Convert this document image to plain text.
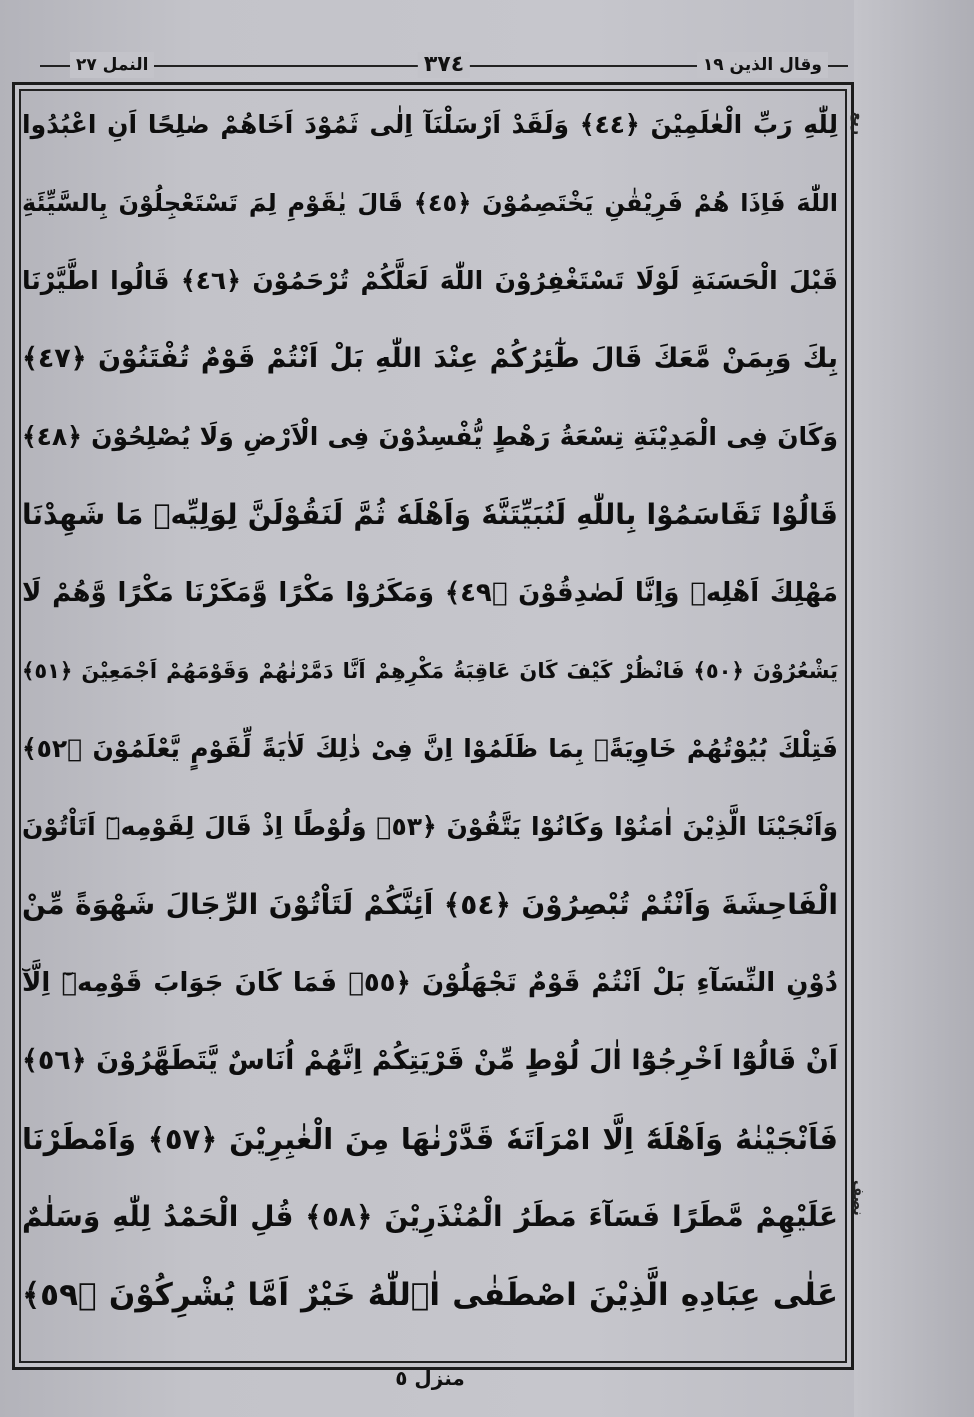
وقال الذين ١٩
٣٧٤
النمل ٢٧
لِلّٰهِ رَبِّ الْعٰلَمِيْنَ ﴿٤٤﴾ وَلَقَدْ اَرْسَلْنَآ اِلٰى ثَمُوْدَ اَخَاهُمْ صٰلِحًا اَنِ اعْبُدُوا
اللّٰهَ فَاِذَا هُمْ فَرِيْقٰنِ يَخْتَصِمُوْنَ ﴿٤٥﴾ قَالَ يٰقَوْمِ لِمَ تَسْتَعْجِلُوْنَ بِالسَّيِّئَةِ
قَبْلَ الْحَسَنَةِ لَوْلَا تَسْتَغْفِرُوْنَ اللّٰهَ لَعَلَّكُمْ تُرْحَمُوْنَ ﴿٤٦﴾ قَالُوا اطَّيَّرْنَا
بِكَ وَبِمَنْ مَّعَكَ قَالَ طٰٓئِرُكُمْ عِنْدَ اللّٰهِ بَلْ اَنْتُمْ قَوْمٌ تُفْتَنُوْنَ ﴿٤٧﴾
وَكَانَ فِى الْمَدِيْنَةِ تِسْعَةُ رَهْطٍ يُّفْسِدُوْنَ فِى الْاَرْضِ وَلَا يُصْلِحُوْنَ ﴿٤٨﴾
قَالُوْا تَقَاسَمُوْا بِاللّٰهِ لَنُبَيِّتَنَّهٗ وَاَهْلَهٗ ثُمَّ لَنَقُوْلَنَّ لِوَلِيِّهٖ مَا شَهِدْنَا
مَهْلِكَ اَهْلِهٖ وَاِنَّا لَصٰدِقُوْنَ ﴿٤٩﴾ وَمَكَرُوْا مَكْرًا وَّمَكَرْنَا مَكْرًا وَّهُمْ لَا
يَشْعُرُوْنَ ﴿٥٠﴾ فَانْظُرْ كَيْفَ كَانَ عَاقِبَةُ مَكْرِهِمْ اَنَّا دَمَّرْنٰهُمْ وَقَوْمَهُمْ اَجْمَعِيْنَ ﴿٥١﴾
فَتِلْكَ بُيُوْتُهُمْ خَاوِيَةًۢ بِمَا ظَلَمُوْا اِنَّ فِىْ ذٰلِكَ لَاٰيَةً لِّقَوْمٍ يَّعْلَمُوْنَ ﴿٥٢﴾
وَاَنْجَيْنَا الَّذِيْنَ اٰمَنُوْا وَكَانُوْا يَتَّقُوْنَ ﴿٥٣﴾ وَلُوْطًا اِذْ قَالَ لِقَوْمِهٖٓ اَتَاْتُوْنَ
الْفَاحِشَةَ وَاَنْتُمْ تُبْصِرُوْنَ ﴿٥٤﴾ اَئِنَّكُمْ لَتَاْتُوْنَ الرِّجَالَ شَهْوَةً مِّنْ
دُوْنِ النِّسَآءِ بَلْ اَنْتُمْ قَوْمٌ تَجْهَلُوْنَ ﴿٥٥﴾ فَمَا كَانَ جَوَابَ قَوْمِهٖٓ اِلَّآ
اَنْ قَالُوْٓا اَخْرِجُوْٓا اٰلَ لُوْطٍ مِّنْ قَرْيَتِكُمْ اِنَّهُمْ اُنَاسٌ يَّتَطَهَّرُوْنَ ﴿٥٦﴾
فَاَنْجَيْنٰهُ وَاَهْلَهٗٓ اِلَّا امْرَاَتَهٗ قَدَّرْنٰهَا مِنَ الْغٰبِرِيْنَ ﴿٥٧﴾ وَاَمْطَرْنَا
عَلَيْهِمْ مَّطَرًا فَسَآءَ مَطَرُ الْمُنْذَرِيْنَ ﴿٥٨﴾ قُلِ الْحَمْدُ لِلّٰهِ وَسَلٰمٌ
عَلٰى عِبَادِهِ الَّذِيْنَ اصْطَفٰى اٰۤللّٰهُ خَيْرٌ اَمَّا يُشْرِكُوْنَ ﴿٥٩﴾
ربع
نصف
منزل ٥
